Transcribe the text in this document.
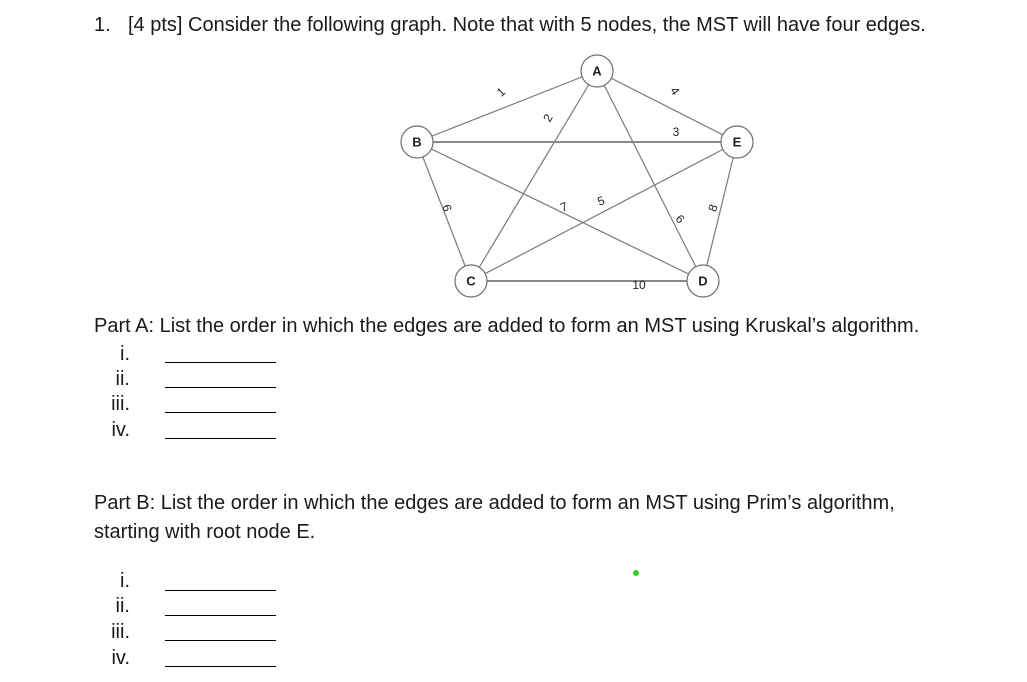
1. [4 pts] Consider the following graph. Note that with 5 nodes, the MST will have four edges.
1
2
3
4
5
6
6
7	8
10
A
B
C	D
E
Part A: List the order in which the edges are added to form an MST using Kruskal’s algorithm.
i.
ii.
iii.
iv.
Part B: List the order in which the edges are added to form an MST using Prim’s algorithm,
starting with root node E.
i.
ii.
iii.
iv.
